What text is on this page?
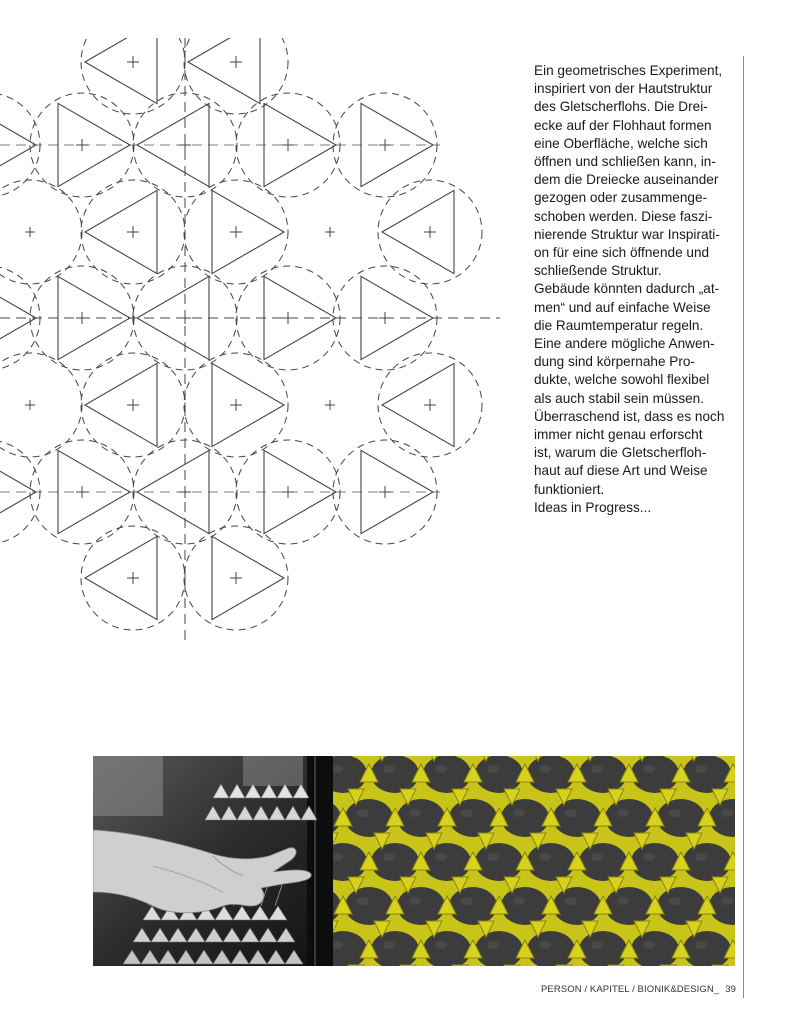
Ein geometrisches Experiment,
inspiriert von der Hautstruktur
des Gletscherflohs. Die Drei-
ecke auf der Flohhaut formen
eine Oberfläche, welche sich
öffnen und schließen kann, in-
dem die Dreiecke auseinander
gezogen oder zusammenge-
schoben werden. Diese faszi-
nierende Struktur war Inspirati-
on für eine sich öffnende und
schließende Struktur.
Gebäude könnten dadurch „at-
men“ und auf einfache Weise
die Raumtemperatur regeln.
Eine andere mögliche Anwen-
dung sind körpernahe Pro-
dukte, welche sowohl flexibel
als auch stabil sein müssen.
Überraschend ist, dass es noch
immer nicht genau erforscht
ist, warum die Gletscherfloh-
haut auf diese Art und Weise
funktioniert.
Ideas in Progress...
PERSON / KAPITEL / BIONIK&DESIGN_ 39
